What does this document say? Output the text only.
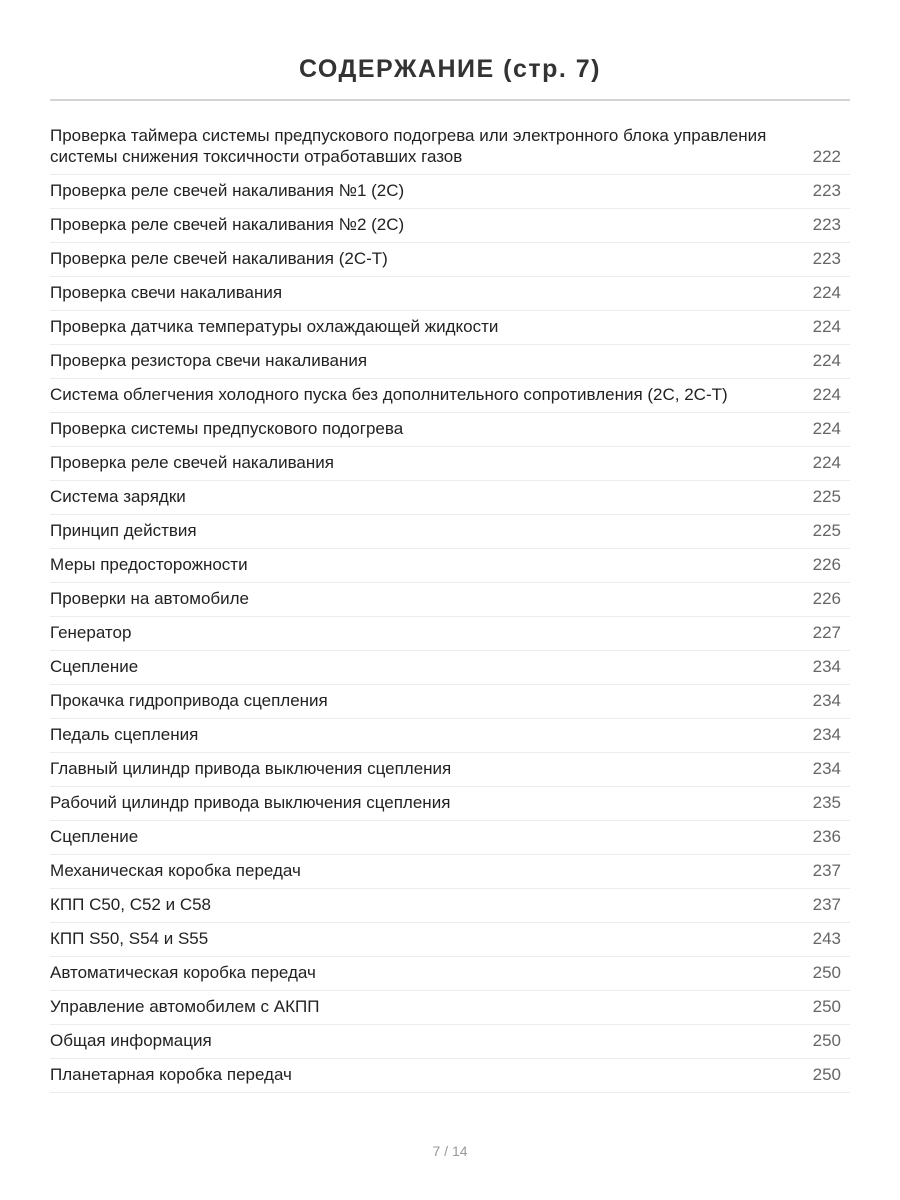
СОДЕРЖАНИЕ (стр. 7)
Проверка таймера системы предпускового подогрева или электронного блока управления системы снижения токсичности отработавших газов	222
Проверка реле свечей накаливания №1 (2С)	223
Проверка реле свечей накаливания №2 (2С)	223
Проверка реле свечей накаливания (2С-Т)	223
Проверка свечи накаливания	224
Проверка датчика температуры охлаждающей жидкости	224
Проверка резистора свечи накаливания	224
Система облегчения холодного пуска без дополнительного сопротивления (2С, 2С-Т)	224
Проверка системы предпускового подогрева	224
Проверка реле свечей накаливания	224
Система зарядки	225
Принцип действия	225
Меры предосторожности	226
Проверки на автомобиле	226
Генератор	227
Сцепление	234
Прокачка гидропривода сцепления	234
Педаль сцепления	234
Главный цилиндр привода выключения сцепления	234
Рабочий цилиндр привода выключения сцепления	235
Сцепление	236
Механическая коробка передач	237
КПП С50, С52 и С58	237
КПП S50, S54 и S55	243
Автоматическая коробка передач	250
Управление автомобилем с АКПП	250
Общая информация	250
Планетарная коробка передач	250
7 / 14
